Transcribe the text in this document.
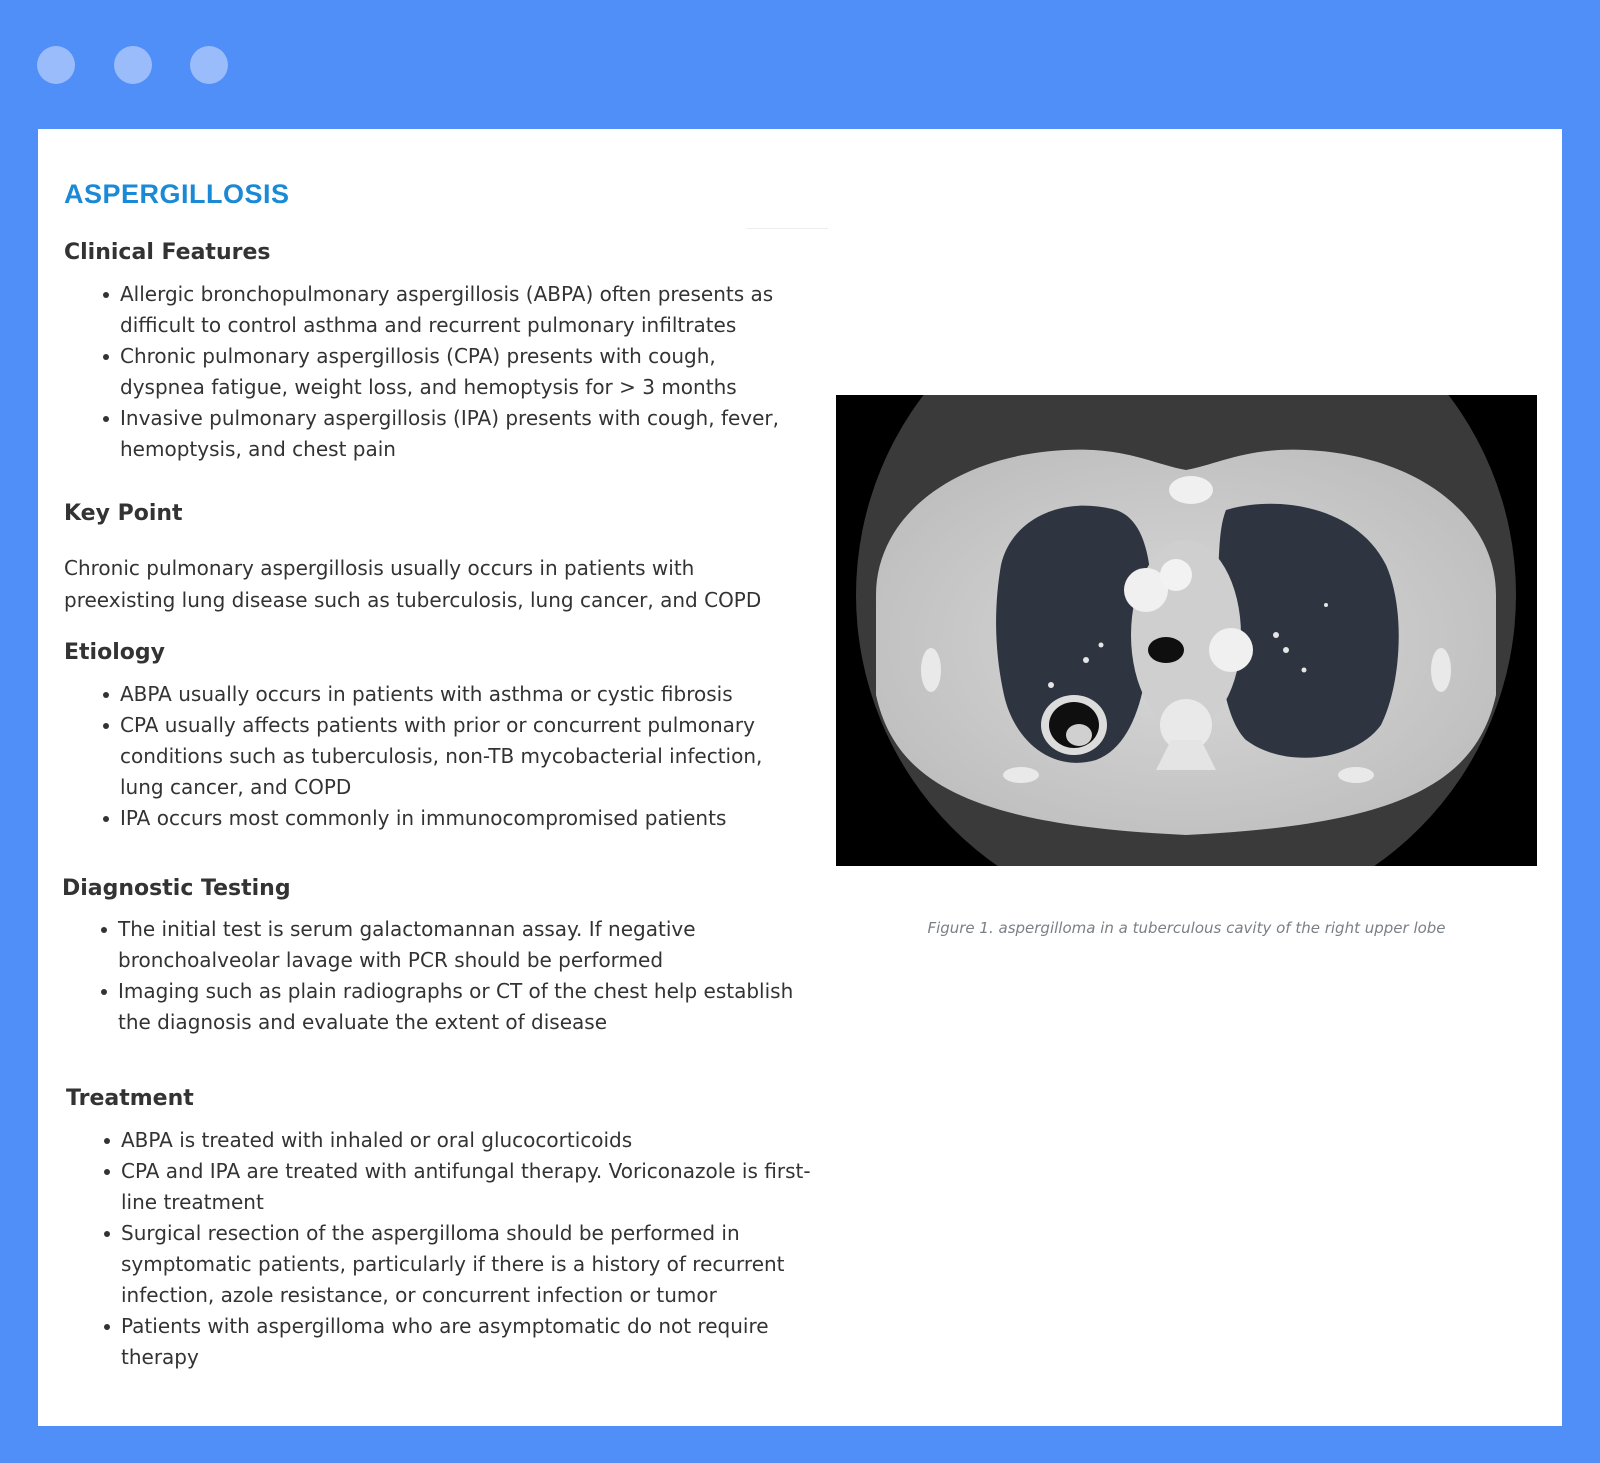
ASPERGILLOSIS
Clinical Features
Allergic bronchopulmonary aspergillosis (ABPA) often presents as difficult to control asthma and recurrent pulmonary infiltrates
Chronic pulmonary aspergillosis (CPA) presents with cough, dyspnea fatigue, weight loss, and hemoptysis for > 3 months
Invasive pulmonary aspergillosis (IPA) presents with cough, fever, hemoptysis, and chest pain
Key Point

Chronic pulmonary aspergillosis usually occurs in patients with preexisting lung disease such as tuberculosis, lung cancer, and COPD

Etiology
ABPA usually occurs in patients with asthma or cystic fibrosis
CPA usually affects patients with prior or concurrent pulmonary conditions such as tuberculosis, non-TB mycobacterial infection, lung cancer, and COPD
IPA occurs most commonly in immunocompromised patients
Diagnostic Testing
The initial test is serum galactomannan assay. If negative bronchoalveolar lavage with PCR should be performed
Imaging such as plain radiographs or CT of the chest help establish the diagnosis and evaluate the extent of disease
Treatment
ABPA is treated with inhaled or oral glucocorticoids
CPA and IPA are treated with antifungal therapy. Voriconazole is first-line treatment
Surgical resection of the aspergilloma should be performed in symptomatic patients, particularly if there is a history of recurrent infection, azole resistance, or concurrent infection or tumor
Patients with aspergilloma who are asymptomatic do not require therapy

Figure 1. aspergilloma in a tuberculous cavity of the right upper lobe
